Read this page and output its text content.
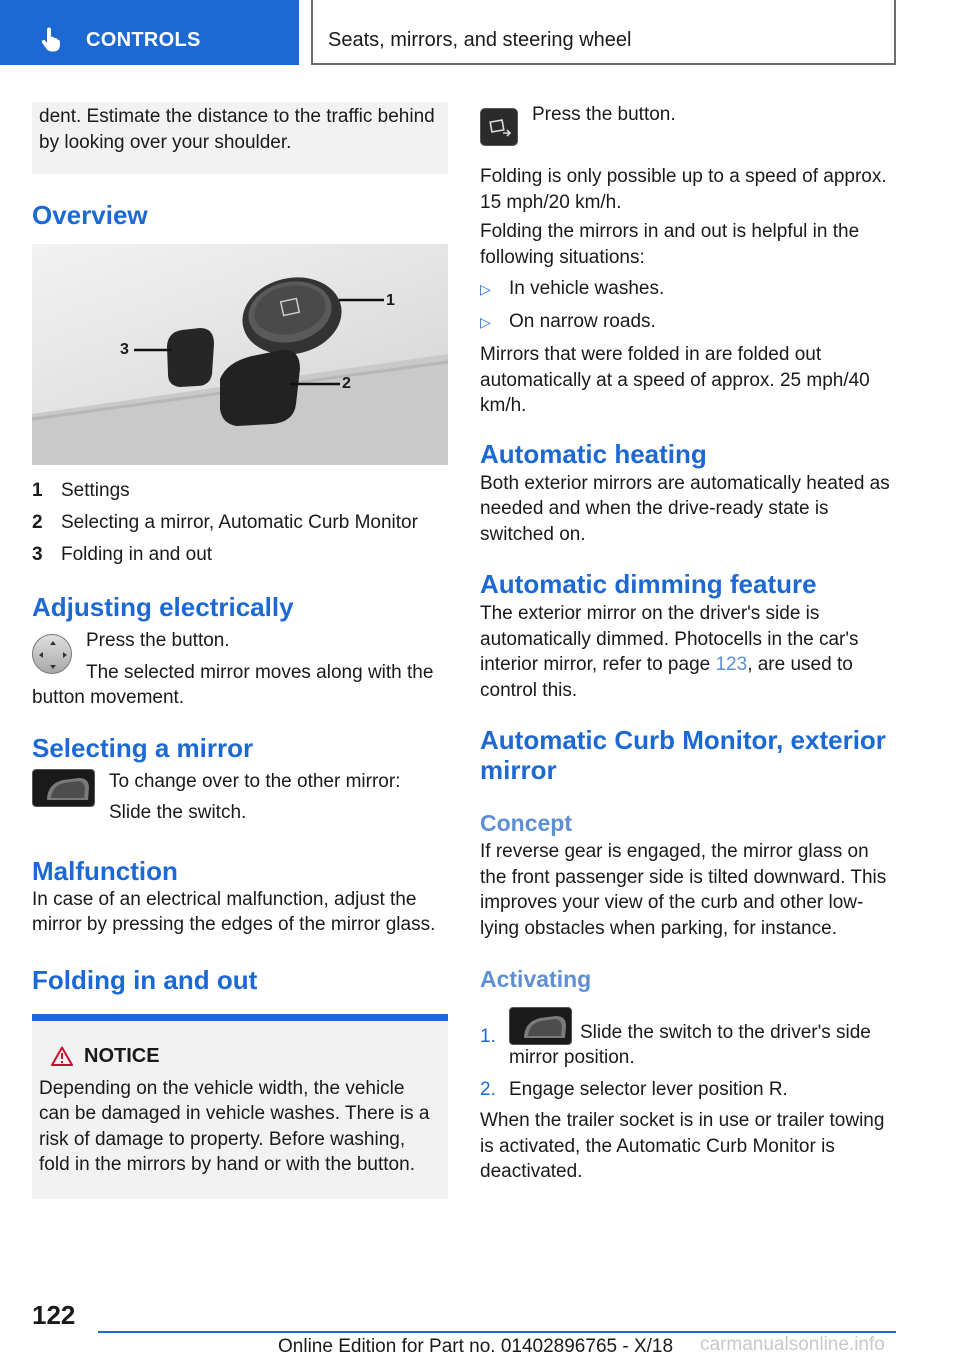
CONTROLS	Seats, mirrors, and steering wheel

dent. Estimate the distance to the traffic behind by looking over your shoulder.

Overview
1
2
3
1 Settings
2 Selecting a mirror, Automatic Curb Monitor
3 Folding in and out
Adjusting electrically

Press the button.

The selected mirror moves along with the button movement.

Selecting a mirror

To change over to the other mirror:

Slide the switch.

Malfunction

In case of an electrical malfunction, adjust the mirror by pressing the edges of the mirror glass.

Folding in and out
NOTICE

Depending on the vehicle width, the vehicle can be damaged in vehicle washes. There is a risk of damage to property. Before washing, fold in the mirrors by hand or with the button.

Press the button.

Folding is only possible up to a speed of approx. 15 mph/20 km/h.

Folding the mirrors in and out is helpful in the following situations:

▷ In vehicle washes.
▷ On narrow roads.

Mirrors that were folded in are folded out automatically at a speed of approx. 25 mph/40 km/h.

Automatic heating

Both exterior mirrors are automatically heated as needed and when the drive-ready state is switched on.

Automatic dimming feature

The exterior mirror on the driver's side is automatically dimmed. Photocells in the car's interior mirror, refer to page 123, are used to control this.

Automatic Curb Monitor, exterior mirror
Concept

If reverse gear is engaged, the mirror glass on the front passenger side is tilted downward. This improves your view of the curb and other low-lying obstacles when parking, for instance.

Activating
1.	Slide the switch to the driver's side mirror position.
2. Engage selector lever position R.

When the trailer socket is in use or trailer towing is activated, the Automatic Curb Monitor is deactivated.

122
Online Edition for Part no. 01402896765 - X/18 carmanualsonline.info
